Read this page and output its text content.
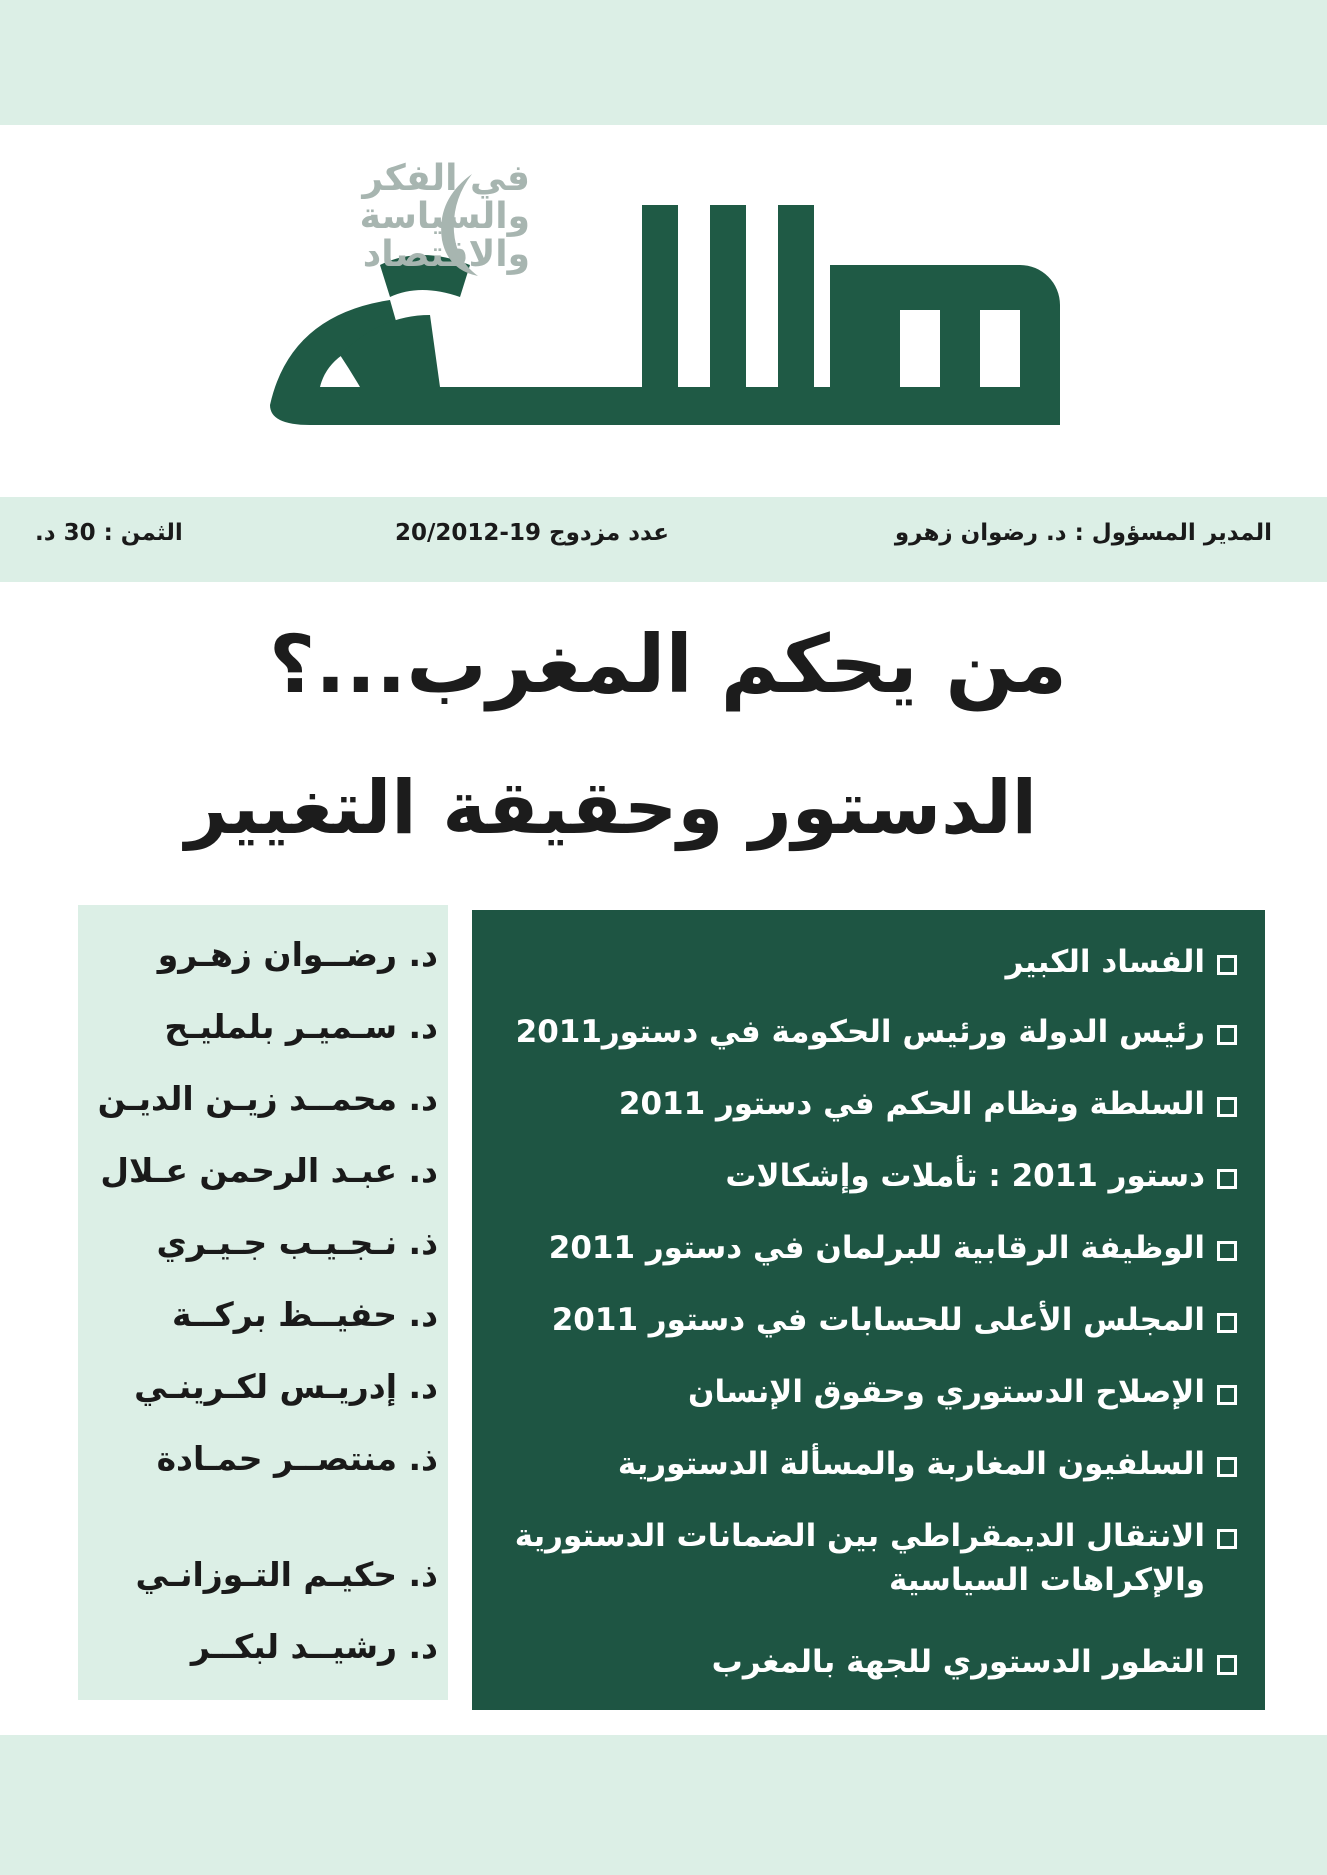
في الفكر
والسياسة
والاقتصاد
المدير المسؤول : د. رضوان زهرو
عدد مزدوج 19-20/2012
الثمن : 30 د.
من يحكم المغرب...؟
الدستور وحقيقة التغيير
د. رضــوان زهـرو
د. سـميـر بلمليـح
د. محمــد زيـن الديـن
د. عبـد الرحمن عـلال
ذ. نـجـيـب جـيـري
د. حفيــظ بركــة
د. إدريـس لكـرينـي
ذ. منتصــر حمـادة
ذ. حكيـم التـوزانـي
د. رشيــد لبكــر
الفساد الكبير
رئيس الدولة ورئيس الحكومة في دستور2011
السلطة ونظام الحكم في دستور 2011
دستور 2011 : تأملات وإشكالات
الوظيفة الرقابية للبرلمان في دستور 2011
المجلس الأعلى للحسابات في دستور 2011
الإصلاح الدستوري وحقوق الإنسان
السلفيون المغاربة والمسألة الدستورية
الانتقال الديمقراطي بين الضمانات الدستورية والإكراهات السياسية
التطور الدستوري للجهة بالمغرب
